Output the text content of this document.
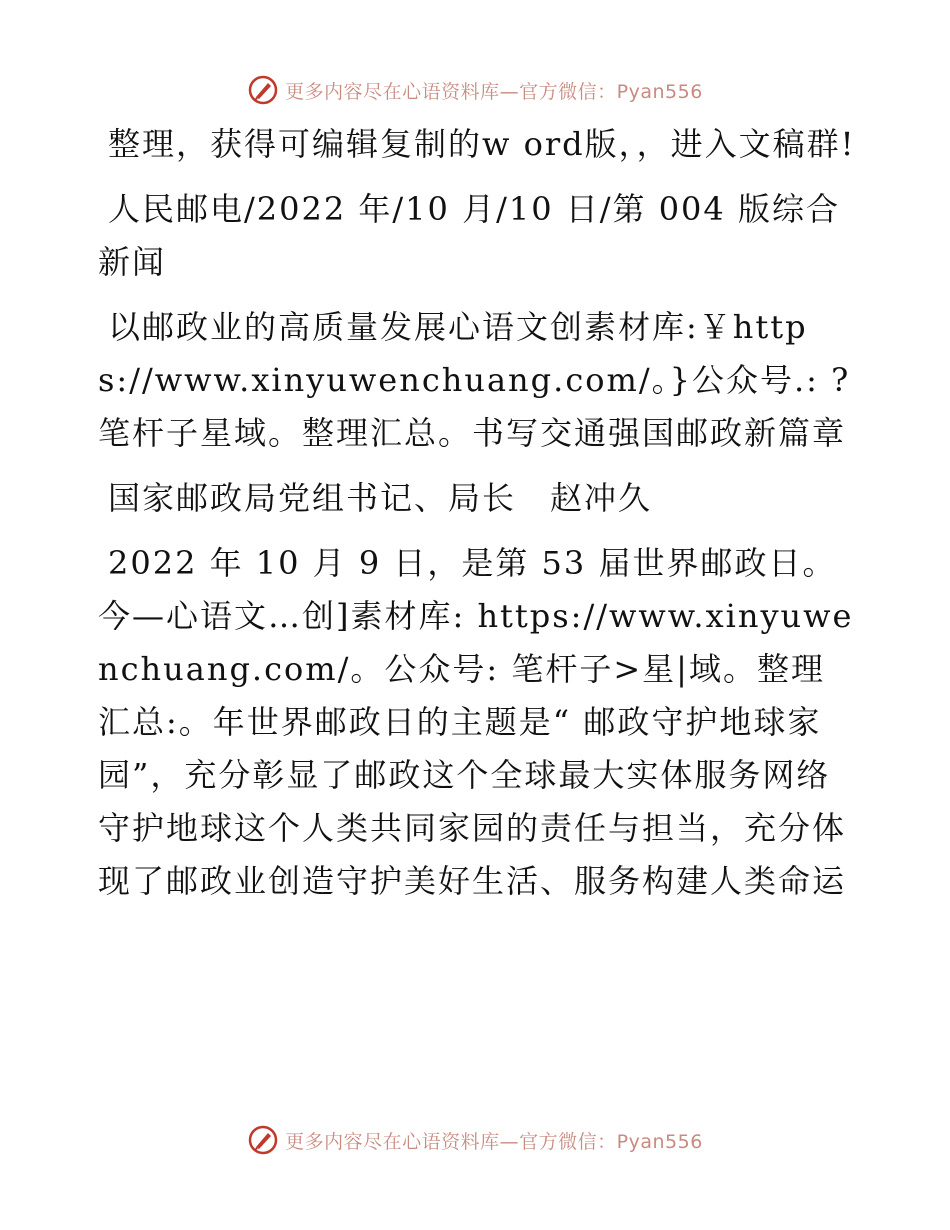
更多内容尽在心语资料库—官方微信：Pyan556

整理，获得可编辑复制的w ord版，，进入文稿群!

人民邮电/2022 年/10 月/10 日/第 004 版综合新闻

以邮政业的高质量发展心语文创素材库:￥https://www.xinyuwenchuang.com/。}公众号.: ?笔杆子星域。整理汇总。书写交通强国邮政新篇章

国家邮政局党组书记、局长　赵冲久

2022 年 10 月 9 日，是第 53 届世界邮政日。今—心语文…创]素材库: https://www.xinyuwenchuang.com/。公众号: 笔杆子>星|域。整理汇总:。年世界邮政日的主题是“ 邮政守护地球家园”，充分彰显了邮政这个全球最大实体服务网络守护地球这个人类共同家园的责任与担当，充分体现了邮政业创造守护美好生活、服务构建人类命运

更多内容尽在心语资料库—官方微信：Pyan556
